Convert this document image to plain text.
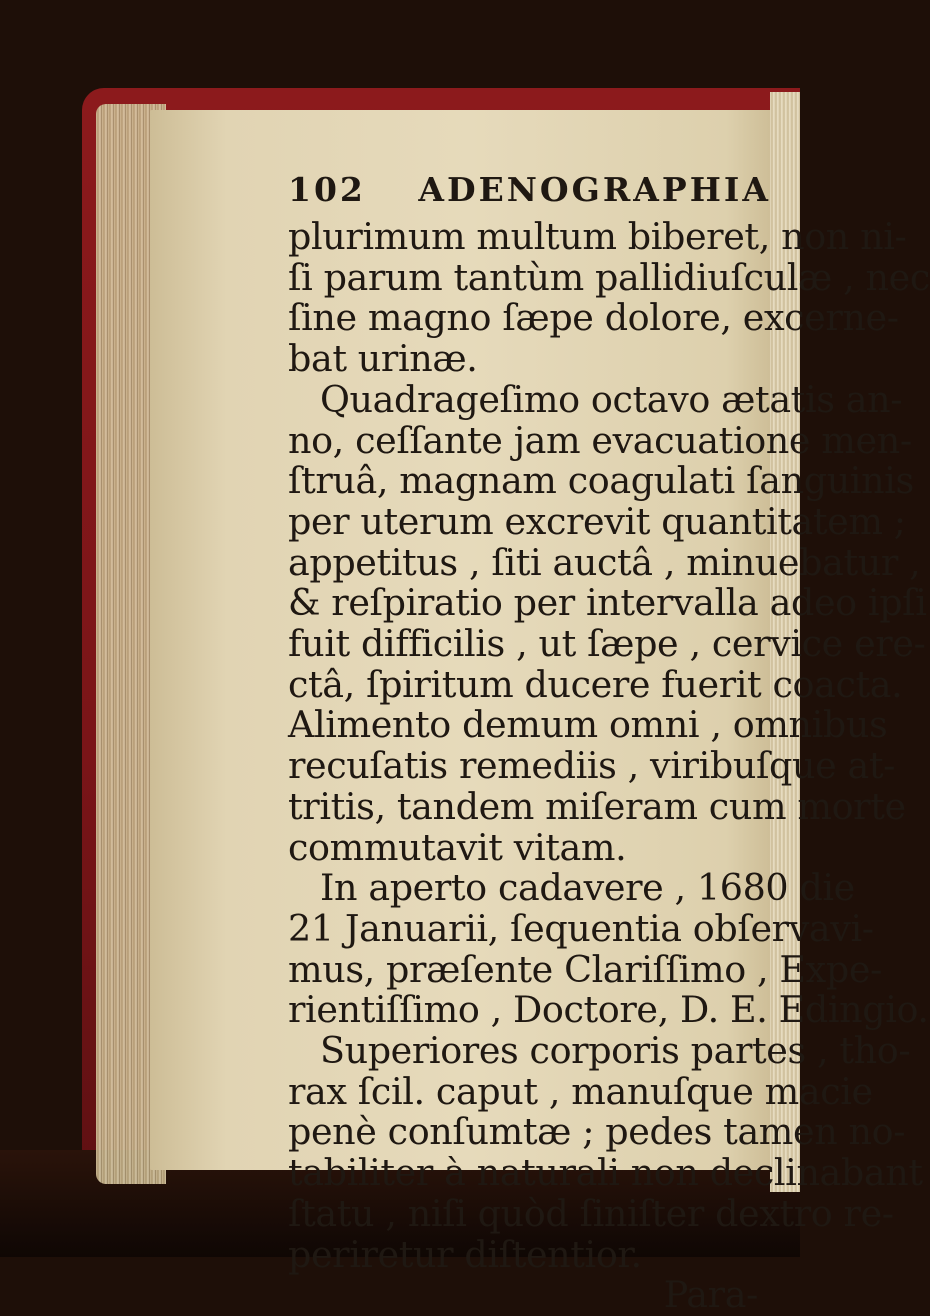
102 ADENOGRAPHIA
plurimum multum biberet, non ni-
ſi parum tantùm pallidiuſculæ , nec
ſine magno ſæpe dolore, excerne-
bat urinæ.
Quadrageſimo octavo ætatis an-
no, ceſſante jam evacuatione men-
ſtruâ, magnam coagulati ſanguinis
per uterum excrevit quantitatem ;
appetitus , ſiti auctâ , minuebatur ,
& reſpiratio per intervalla adeo ipſi
fuit difficilis , ut ſæpe , cervice ere-
ctâ, ſpiritum ducere fuerit coacta.
Alimento demum omni , omnibus
recuſatis remediis , viribuſque at-
tritis, tandem miſeram cum morte
commutavit vitam.
In aperto cadavere , 1680 die
21 Januarii, ſequentia obſervavi-
mus, præſente Clariſſimo , Expe-
rientiſſimo , Doctore, D. E. Edingio.
Superiores corporis partes , tho-
rax ſcil. caput , manuſque macie
penè conſumtæ ; pedes tamen no-
tabiliter à naturali non declinabant
ſtatu , niſi quòd ſiniſter dextro re-
periretur diſtentior.
Para-
